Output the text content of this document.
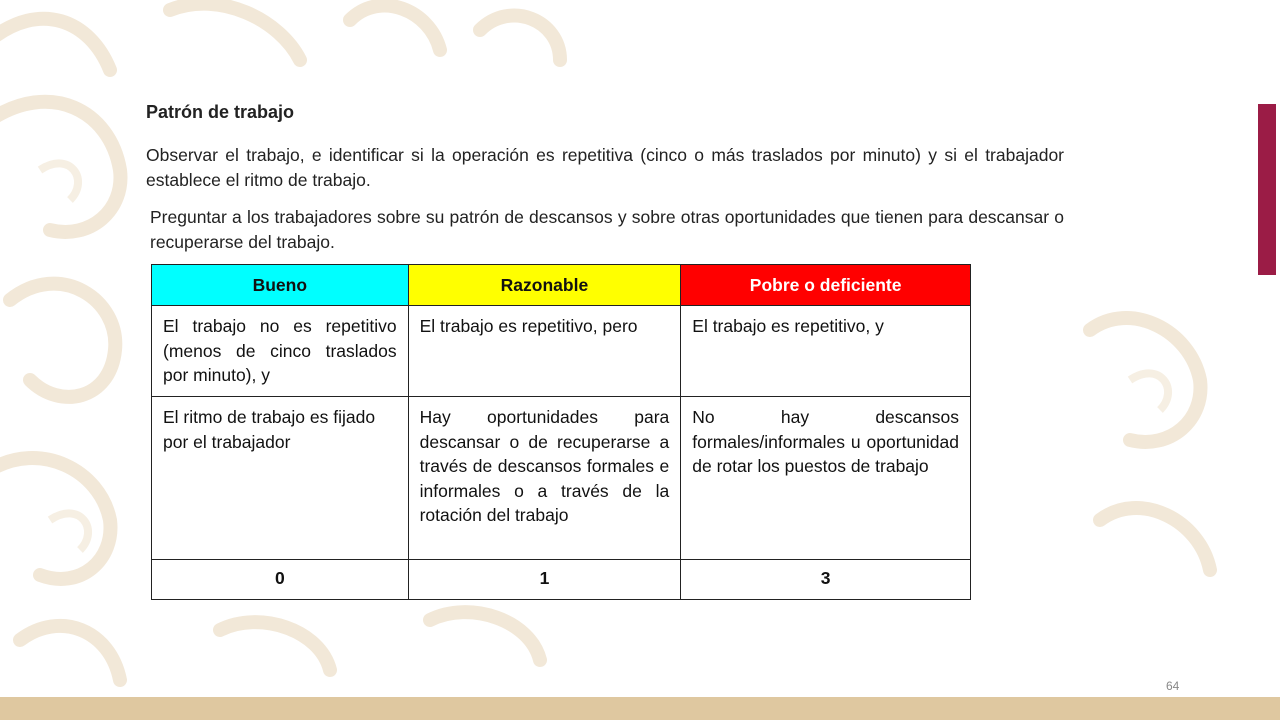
Patrón de trabajo
Observar el trabajo, e identificar si la operación es repetitiva (cinco o más traslados por minuto) y si el trabajador establece el ritmo de trabajo.
Preguntar a los trabajadores sobre su patrón de descansos y sobre otras oportunidades que tienen para descansar o recuperarse del trabajo.
Bueno	Razonable	Pobre o deficiente
El trabajo no es repetitivo (menos de cinco traslados por minuto), y	El trabajo es repetitivo, pero	El trabajo es repetitivo, y
El ritmo de trabajo es fijado por el trabajador	Hay oportunidades para descansar o de recuperarse a través de descansos formales e informales o a través de la rotación del trabajo	No hay descansos formales/informales u oportunidad de rotar los puestos de trabajo
0	1	3
64
